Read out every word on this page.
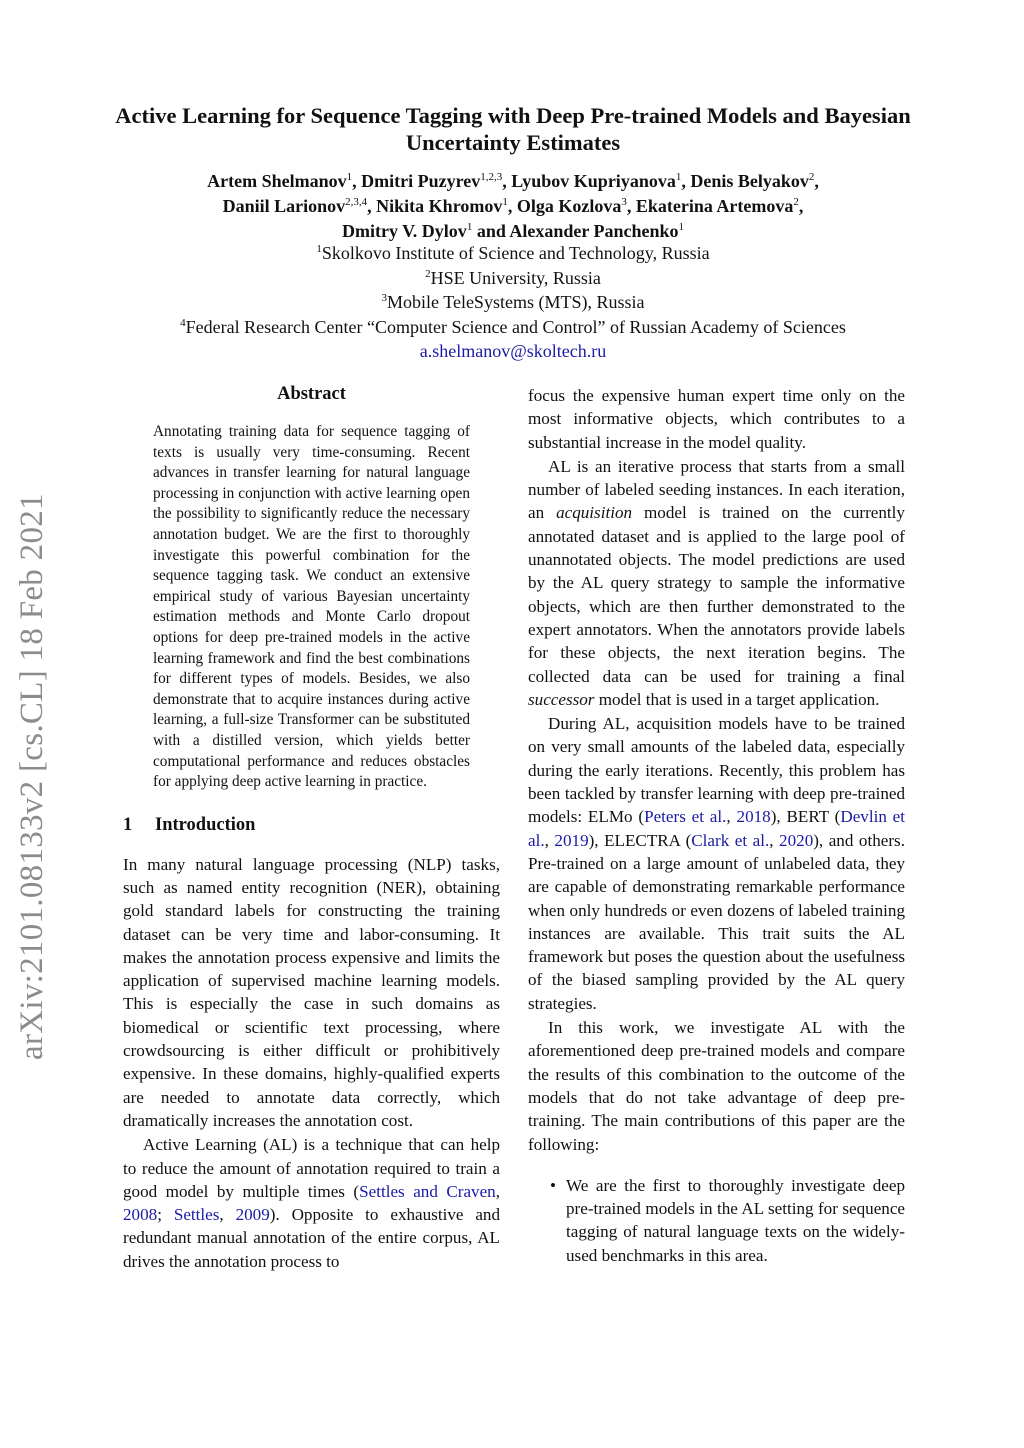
arXiv:2101.08133v2 [cs.CL] 18 Feb 2021
Active Learning for Sequence Tagging with Deep Pre-trained Models and Bayesian Uncertainty Estimates
Artem Shelmanov$^1$, Dmitri Puzyrev$^{1,2,3}$, Lyubov Kupriyanova$^1$, Denis Belyakov$^2$,
Daniil Larionov$^{2,3,4}$, Nikita Khromov$^1$, Olga Kozlova$^3$, Ekaterina Artemova$^2$,
Dmitry V. Dylov$^1$ and Alexander Panchenko$^1$
$^1$Skolkovo Institute of Science and Technology, Russia
$^2$HSE University, Russia
$^3$Mobile TeleSystems (MTS), Russia
$^4$Federal Research Center “Computer Science and Control” of Russian Academy of Sciences
a.shelmanov@skoltech.ru
Abstract
Annotating training data for sequence tagging of texts is usually very time-consuming. Recent advances in transfer learning for natural language processing in conjunction with active learning open the possibility to significantly reduce the necessary annotation budget. We are the first to thoroughly investigate this powerful combination for the sequence tagging task. We conduct an extensive empirical study of various Bayesian uncertainty estimation methods and Monte Carlo dropout options for deep pre-trained models in the active learning framework and find the best combinations for different types of models. Besides, we also demonstrate that to acquire instances during active learning, a full-size Transformer can be substituted with a distilled version, which yields better computational performance and reduces obstacles for applying deep active learning in practice.
1 Introduction

In many natural language processing (NLP) tasks, such as named entity recognition (NER), obtaining gold standard labels for constructing the training dataset can be very time and labor-consuming. It makes the annotation process expensive and limits the application of supervised machine learning models. This is especially the case in such domains as biomedical or scientific text processing, where crowdsourcing is either difficult or prohibitively expensive. In these domains, highly-qualified experts are needed to annotate data correctly, which dramatically increases the annotation cost.

Active Learning (AL) is a technique that can help to reduce the amount of annotation required to train a good model by multiple times (Settles and Craven, 2008; Settles, 2009). Opposite to exhaustive and redundant manual annotation of the entire corpus, AL drives the annotation process to

focus the expensive human expert time only on the most informative objects, which contributes to a substantial increase in the model quality.

AL is an iterative process that starts from a small number of labeled seeding instances. In each iteration, an acquisition model is trained on the currently annotated dataset and is applied to the large pool of unannotated objects. The model predictions are used by the AL query strategy to sample the informative objects, which are then further demonstrated to the expert annotators. When the annotators provide labels for these objects, the next iteration begins. The collected data can be used for training a final successor model that is used in a target application.

During AL, acquisition models have to be trained on very small amounts of the labeled data, especially during the early iterations. Recently, this problem has been tackled by transfer learning with deep pre-trained models: ELMo (Peters et al., 2018), BERT (Devlin et al., 2019), ELECTRA (Clark et al., 2020), and others. Pre-trained on a large amount of unlabeled data, they are capable of demonstrating remarkable performance when only hundreds or even dozens of labeled training instances are available. This trait suits the AL framework but poses the question about the usefulness of the biased sampling provided by the AL query strategies.

In this work, we investigate AL with the aforementioned deep pre-trained models and compare the results of this combination to the outcome of the models that do not take advantage of deep pre-training. The main contributions of this paper are the following:

• We are the first to thoroughly investigate deep pre-trained models in the AL setting for sequence tagging of natural language texts on the widely-used benchmarks in this area.
